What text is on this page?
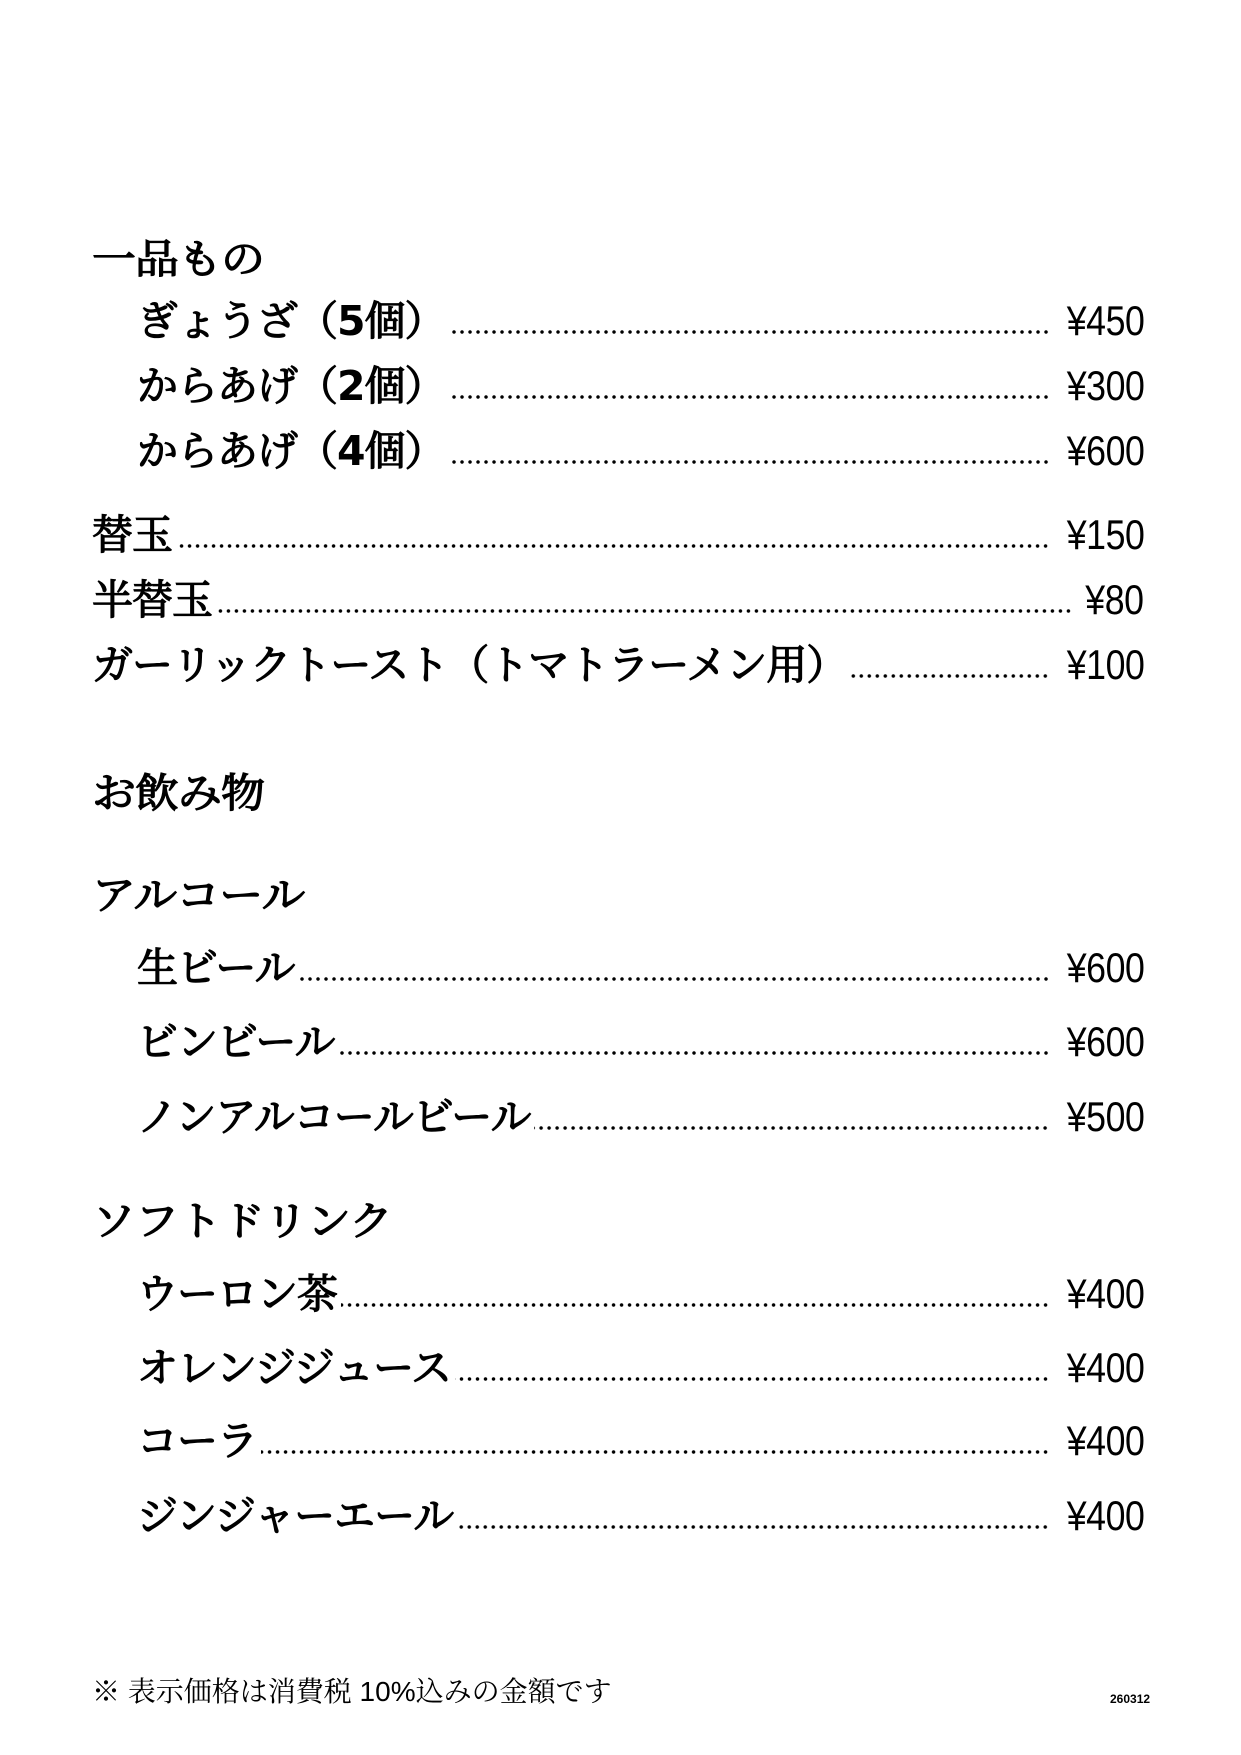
一品もの
ぎょうざ（5個）	¥450
からあげ（2個）	¥300
からあげ（4個）	¥600
替玉	¥150
半替玉	¥80
ガーリックトースト（トマトラーメン用）	¥100
お飲み物
アルコール
生ビール	¥600
ビンビール	¥600
ノンアルコールビール	¥500
ソフトドリンク
ウーロン茶	¥400
オレンジジュース	¥400
コーラ	¥400
ジンジャーエール	¥400
※ 表示価格は消費税 10%込みの金額です	260312
